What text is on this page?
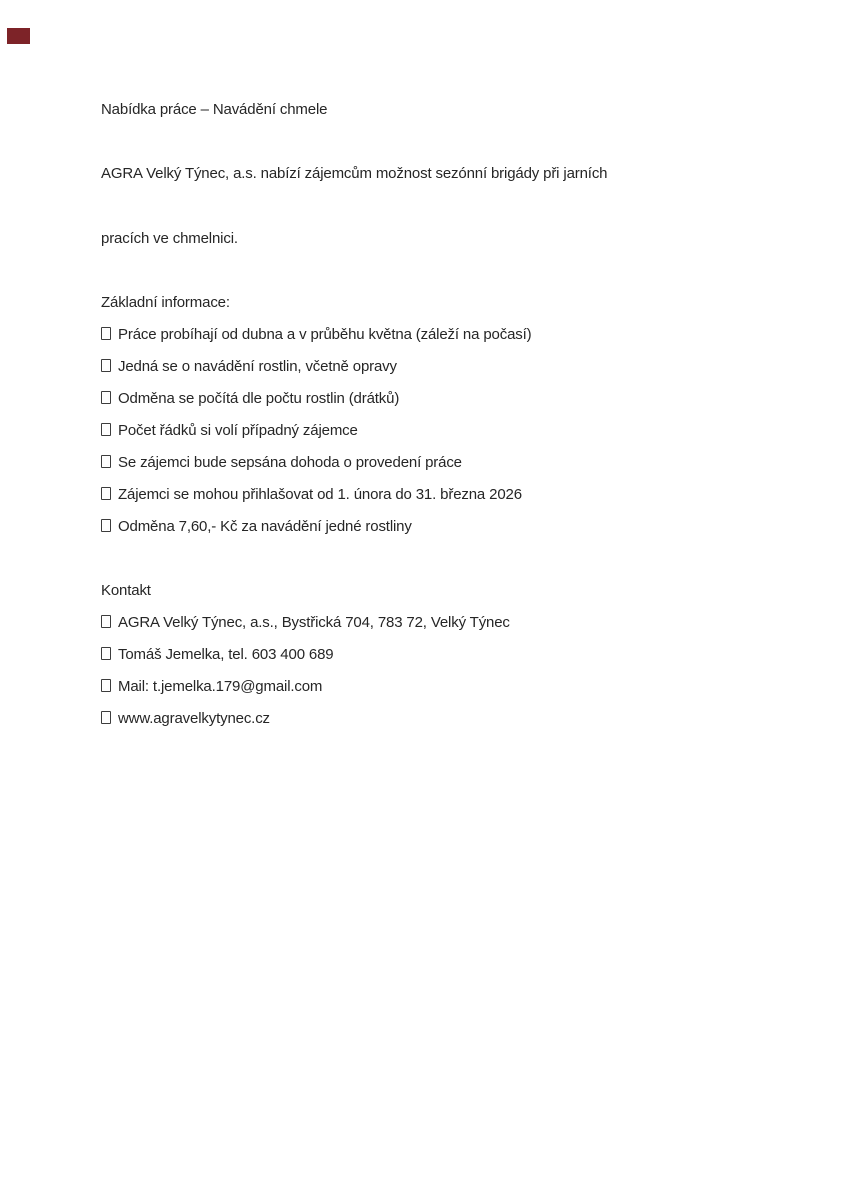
Nabídka práce – Navádění chmele
AGRA Velký Týnec, a.s. nabízí zájemcům možnost sezónní brigády při jarních
pracích ve chmelnici.
Základní informace:
Práce probíhají od dubna a v průběhu května (záleží na počasí)
Jedná se o navádění rostlin, včetně opravy
Odměna se počítá dle počtu rostlin (drátků)
Počet řádků si volí případný zájemce
Se zájemci bude sepsána dohoda o provedení práce
Zájemci se mohou přihlašovat od 1. února do 31. března 2026
Odměna 7,60,- Kč za navádění jedné rostliny
Kontakt
AGRA Velký Týnec, a.s., Bystřická 704, 783 72, Velký Týnec
Tomáš Jemelka, tel. 603 400 689
Mail: t.jemelka.179@gmail.com
www.agravelkytynec.cz
